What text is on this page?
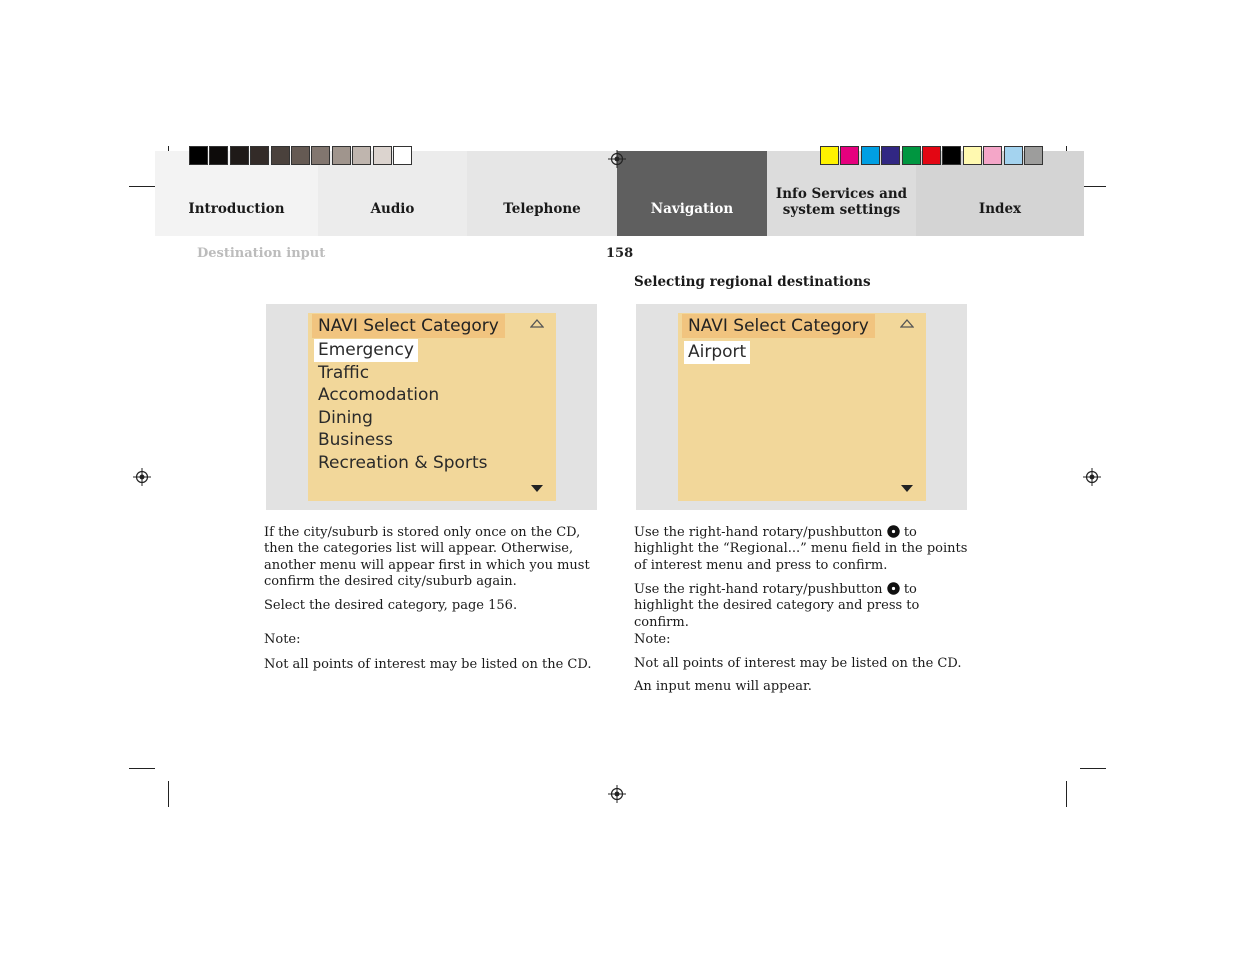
Introduction	Audio	Telephone	Navigation
Info Services and
system settings	Index
Destination input	158
Selecting regional destinations
NAVI Select Category
Emergency
Traffic
Accomodation
Dining
Business
Recreation & Sports
NAVI Select Category
Airport

If the city/suburb is stored only once on the CD, then the categories list will appear. Otherwise, another menu will appear first in which you must confirm the desired city/suburb again.

Select the desired category, page 156.

Note:

Not all points of interest may be listed on the CD.

Use the right-hand rotary/pushbutton to highlight the “Regional...” menu field in the points of interest menu and press to confirm.

Use the right-hand rotary/pushbutton to highlight the desired category and press to confirm.

Note:

Not all points of interest may be listed on the CD.

An input menu will appear.
